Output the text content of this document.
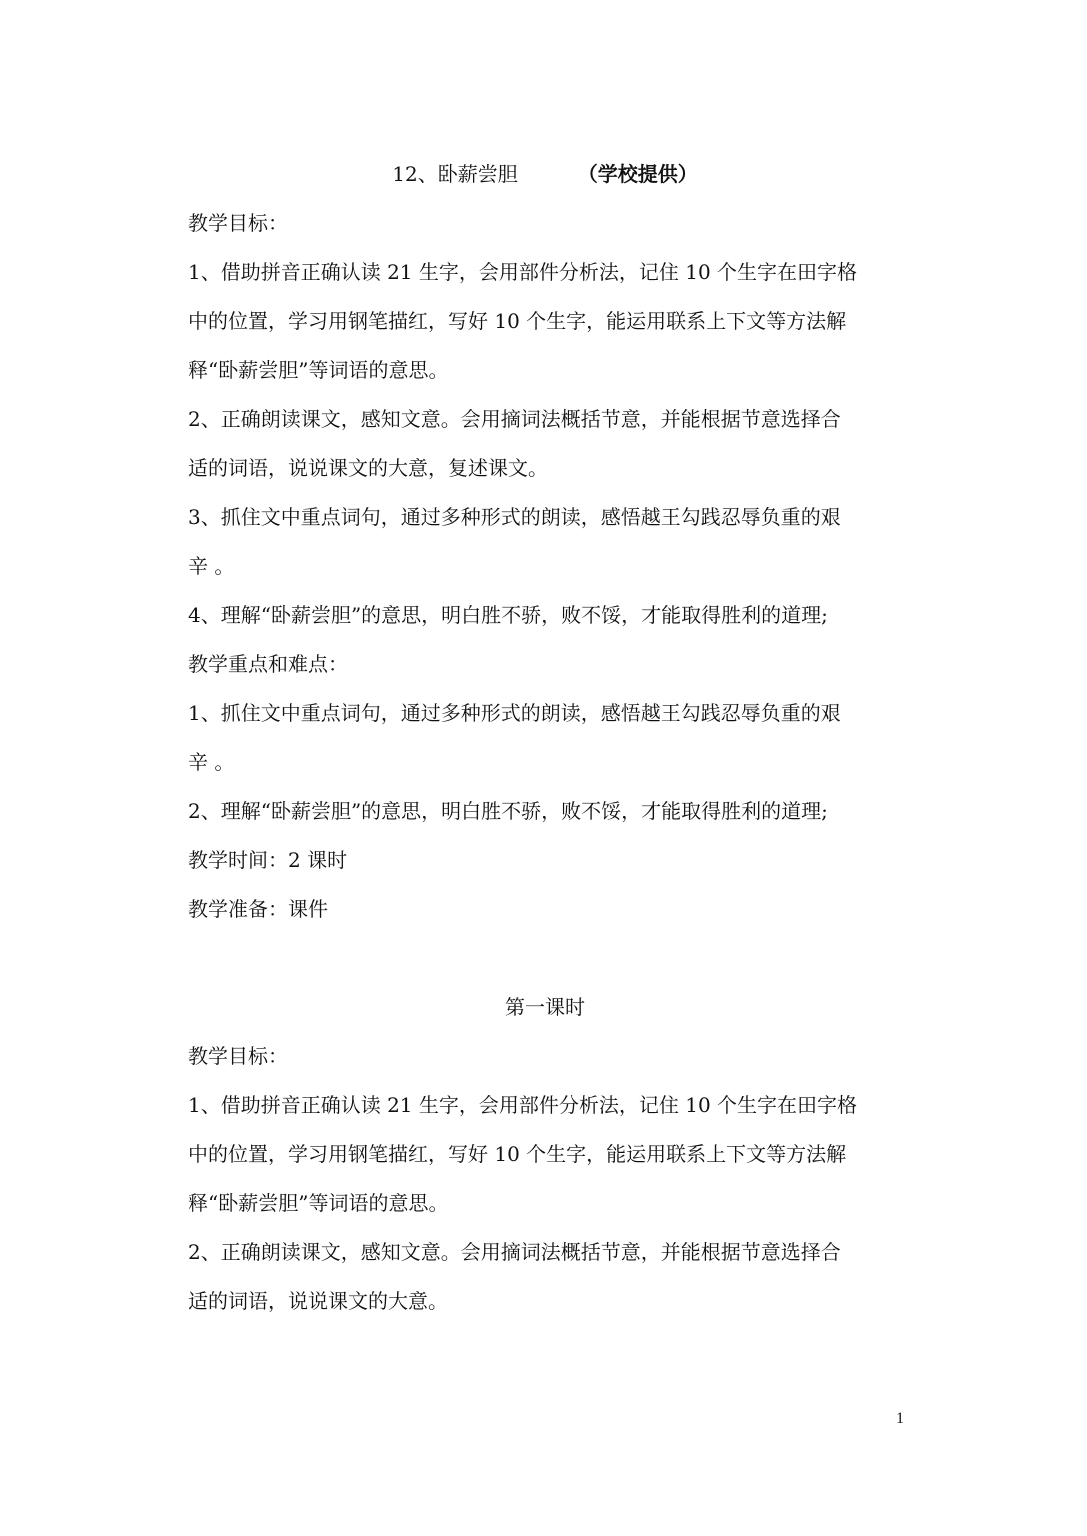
12、卧薪尝胆	（学校提供）
教学目标：
1、借助拼音正确认读 21 生字，会用部件分析法，记住 10 个生字在田字格
中的位置，学习用钢笔描红，写好 10 个生字，能运用联系上下文等方法解
释“卧薪尝胆”等词语的意思。
2、正确朗读课文，感知文意。会用摘词法概括节意，并能根据节意选择合
适的词语，说说课文的大意，复述课文。
3、抓住文中重点词句，通过多种形式的朗读，感悟越王勾践忍辱负重的艰
辛 。
4、理解“卧薪尝胆”的意思，明白胜不骄，败不馁，才能取得胜利的道理;
教学重点和难点：
1、抓住文中重点词句，通过多种形式的朗读，感悟越王勾践忍辱负重的艰
辛 。
2、理解“卧薪尝胆”的意思，明白胜不骄，败不馁，才能取得胜利的道理;
教学时间：2 课时
教学准备：课件
第一课时
教学目标：
1、借助拼音正确认读 21 生字，会用部件分析法，记住 10 个生字在田字格
中的位置，学习用钢笔描红，写好 10 个生字，能运用联系上下文等方法解
释“卧薪尝胆”等词语的意思。
2、正确朗读课文，感知文意。会用摘词法概括节意，并能根据节意选择合
适的词语，说说课文的大意。
1
